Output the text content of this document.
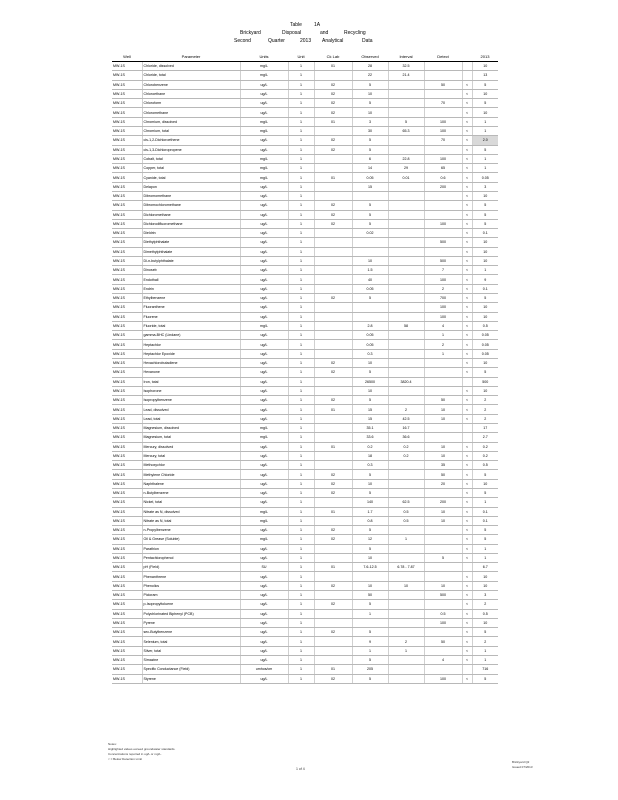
Table 1A
Brickyard	Disposal	and	Recycling
Second	Quarter	2013 Analytical	Data
Well	Parameter	Units	Unit	Ck Lab	Observed	Interval	Detect		2013
MW-1S	Chloride, dissolved	mg/L	1	01	28	32.5			10
MW-1S	Chloride, total	mg/L	1		22	21.4			13
MW-1S	Chlorobenzene	ug/L	1	02	5		50	<	5
MW-1S	Chloroethane	ug/L	1	02	10			<	10
MW-1S	Chloroform	ug/L	1	02	5		70	<	5
MW-1S	Chloromethane	ug/L	1	02	10			<	10
MW-1S	Chromium, dissolved	mg/L	1	01	3	5	100	<	1
MW-1S	Chromium, total	mg/L	1		30	65.3	100	<	1
MW-1S	cis-1,2-Dichloroethene	ug/L	1	02	5		70	<	2.0
MW-1S	cis-1,3-Dichloropropene	ug/L	1	02	5			<	5
MW-1S	Cobalt, total	mg/L	1		6	22.8	100	<	1
MW-1S	Copper, total	mg/L	1		14	29	65	<	1
MW-1S	Cyanide, total	mg/L	1	01	0.05	0.01	0.6	<	0.05
MW-1S	Delapon	ug/L	1		15		200	<	3
MW-1S	Dibromomethane	ug/L	1					<	10
MW-1S	Dibromochloromethane	ug/L	1	02	5			<	5
MW-1S	Dichloromethane	ug/L	1	02	5			<	5
MW-1S	Dichlorodifluoromethane	ug/L	1	02	5		100	<	5
MW-1S	Dieldrin	ug/L	1		0.02			<	0.1
MW-1S	Diethylphthalate	ug/L	1				500	<	10
MW-1S	Dimethylphthalate	ug/L	1					<	10
MW-1S	Di-n-butylphthalate	ug/L	1		10		500	<	10
MW-1S	Dinoseb	ug/L	1		1.5		7	<	1
MW-1S	Endothall	ug/L	1		40		100	<	9
MW-1S	Endrin	ug/L	1		0.05		2	<	0.1
MW-1S	Ethylbenzene	ug/L	1	02	5		700	<	5
MW-1S	Fluoranthene	ug/L	1				100	<	10
MW-1S	Fluorene	ug/L	1				100	<	10
MW-1S	Fluoride, total	mg/L	1		2.8	58	4	<	0.5
MW-1S	gamma-BHC (Lindane)	ug/L	1		0.05		1	<	0.05
MW-1S	Heptachlor	ug/L	1		0.05		2	<	0.05
MW-1S	Heptachlor Epoxide	ug/L	1		0.3		1	<	0.05
MW-1S	Hexachlorobutadiene	ug/L	1	02	10			<	10
MW-1S	Hexanone	ug/L	1	02	5			<	5
MW-1S	Iron, total	ug/L	1		26500	3820.4			500
MW-1S	Isophorone	ug/L	1		10			<	10
MW-1S	Isopropylbenzene	ug/L	1	02	5		50	<	2
MW-1S	Lead, dissolved	ug/L	1	01	15	2	10	<	2
MW-1S	Lead, total	ug/L	1		15	42.5	10	<	2
MW-1S	Magnesium, dissolved	mg/L	1		35.1	16.7			17
MW-1S	Magnesium, total	mg/L	1		33.6	36.6			2.7
MW-1S	Mercury, dissolved	ug/L	1	01	0.2	0.2	10	<	0.2
MW-1S	Mercury, total	ug/L	1		18	0.2	10	<	0.2
MW-1S	Methoxychlor	ug/L	1		0.3		35	<	0.5
MW-1S	Methylene Chloride	ug/L	1	02	5		50	<	5
MW-1S	Naphthalene	ug/L	1	02	10		20	<	10
MW-1S	n-Butylbenzene	ug/L	1	02	5			<	5
MW-1S	Nickel, total	ug/L	1		140	62.5	200	<	1
MW-1S	Nitrate as N, dissolved	mg/L	1	01	1.7	0.5	10	<	0.1
MW-1S	Nitrate as N, total	mg/L	1		0.8	0.5	10	<	0.1
MW-1S	n-Propylbenzene	ug/L	1	02	5			<	5
MW-1S	Oil & Grease (Soluble)	mg/L	1	02	12	1		<	5
MW-1S	Parathion	ug/L	1		5			<	1
MW-1S	Pentachlorophenol	ug/L	1		10		5	<	1
MW-1S	pH (Field)	SU	1	01	7.6-12.5	6.78 - 7.87			6.7
MW-1S	Phenanthrene	ug/L	1					<	10
MW-1S	Phenolics	ug/L	1	02	10	10	10	<	10
MW-1S	Picloram	ug/L	1		50		500	<	3
MW-1S	p-Isopropyltoluene	ug/L	1	02	5			<	2
MW-1S	Polychlorinated Biphenyl (PCB)	ug/L	1		1		0.5	<	0.5
MW-1S	Pyrene	ug/L	1				100	<	10
MW-1S	sec-Butylbenzene	ug/L	1	02	5			<	5
MW-1S	Selenium, total	ug/L	1		9	2	50	<	2
MW-1S	Silver, total	ug/L	1		1	1		<	1
MW-1S	Simazine	ug/L	1		5		4	<	1
MW-1S	Specific Conductance (Field)	umhos/cm	1	01	205				716
MW-1S	Styrene	ug/L	1	02	5		100	<	5
Notes:
Highlighted values exceed groundwater standards.
Concentrations reported in ug/L or mg/L.
< = Below Detection Limit
1 of 4
Brickyard Q2
Issued 07/2013
